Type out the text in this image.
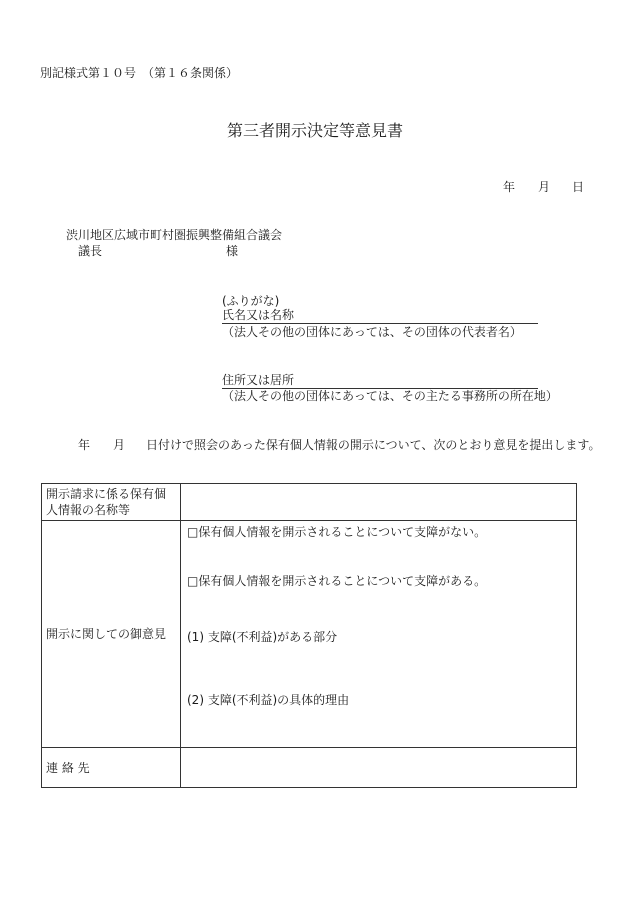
別記様式第１０号　（第１６条関係）
第三者開示決定等意見書
年 月 日
渋川地区広域市町村圏振興整備組合議会
議長	様
(ふりがな)
氏名又は名称
（法人その他の団体にあっては、その団体の代表者名）
住所又は居所
（法人その他の団体にあっては、その主たる事務所の所在地）
年 月 日付けで照会のあった保有個人情報の開示について、次のとおり意見を提出します。
開示請求に係る保有個人情報の名称等	
開示に関しての御意見	□保有個人情報を開示されることについて支障がない。
□保有個人情報を開示されることについて支障がある。
(1) 支障(不利益)がある部分
(2) 支障(不利益)の具体的理由

連 絡 先	
